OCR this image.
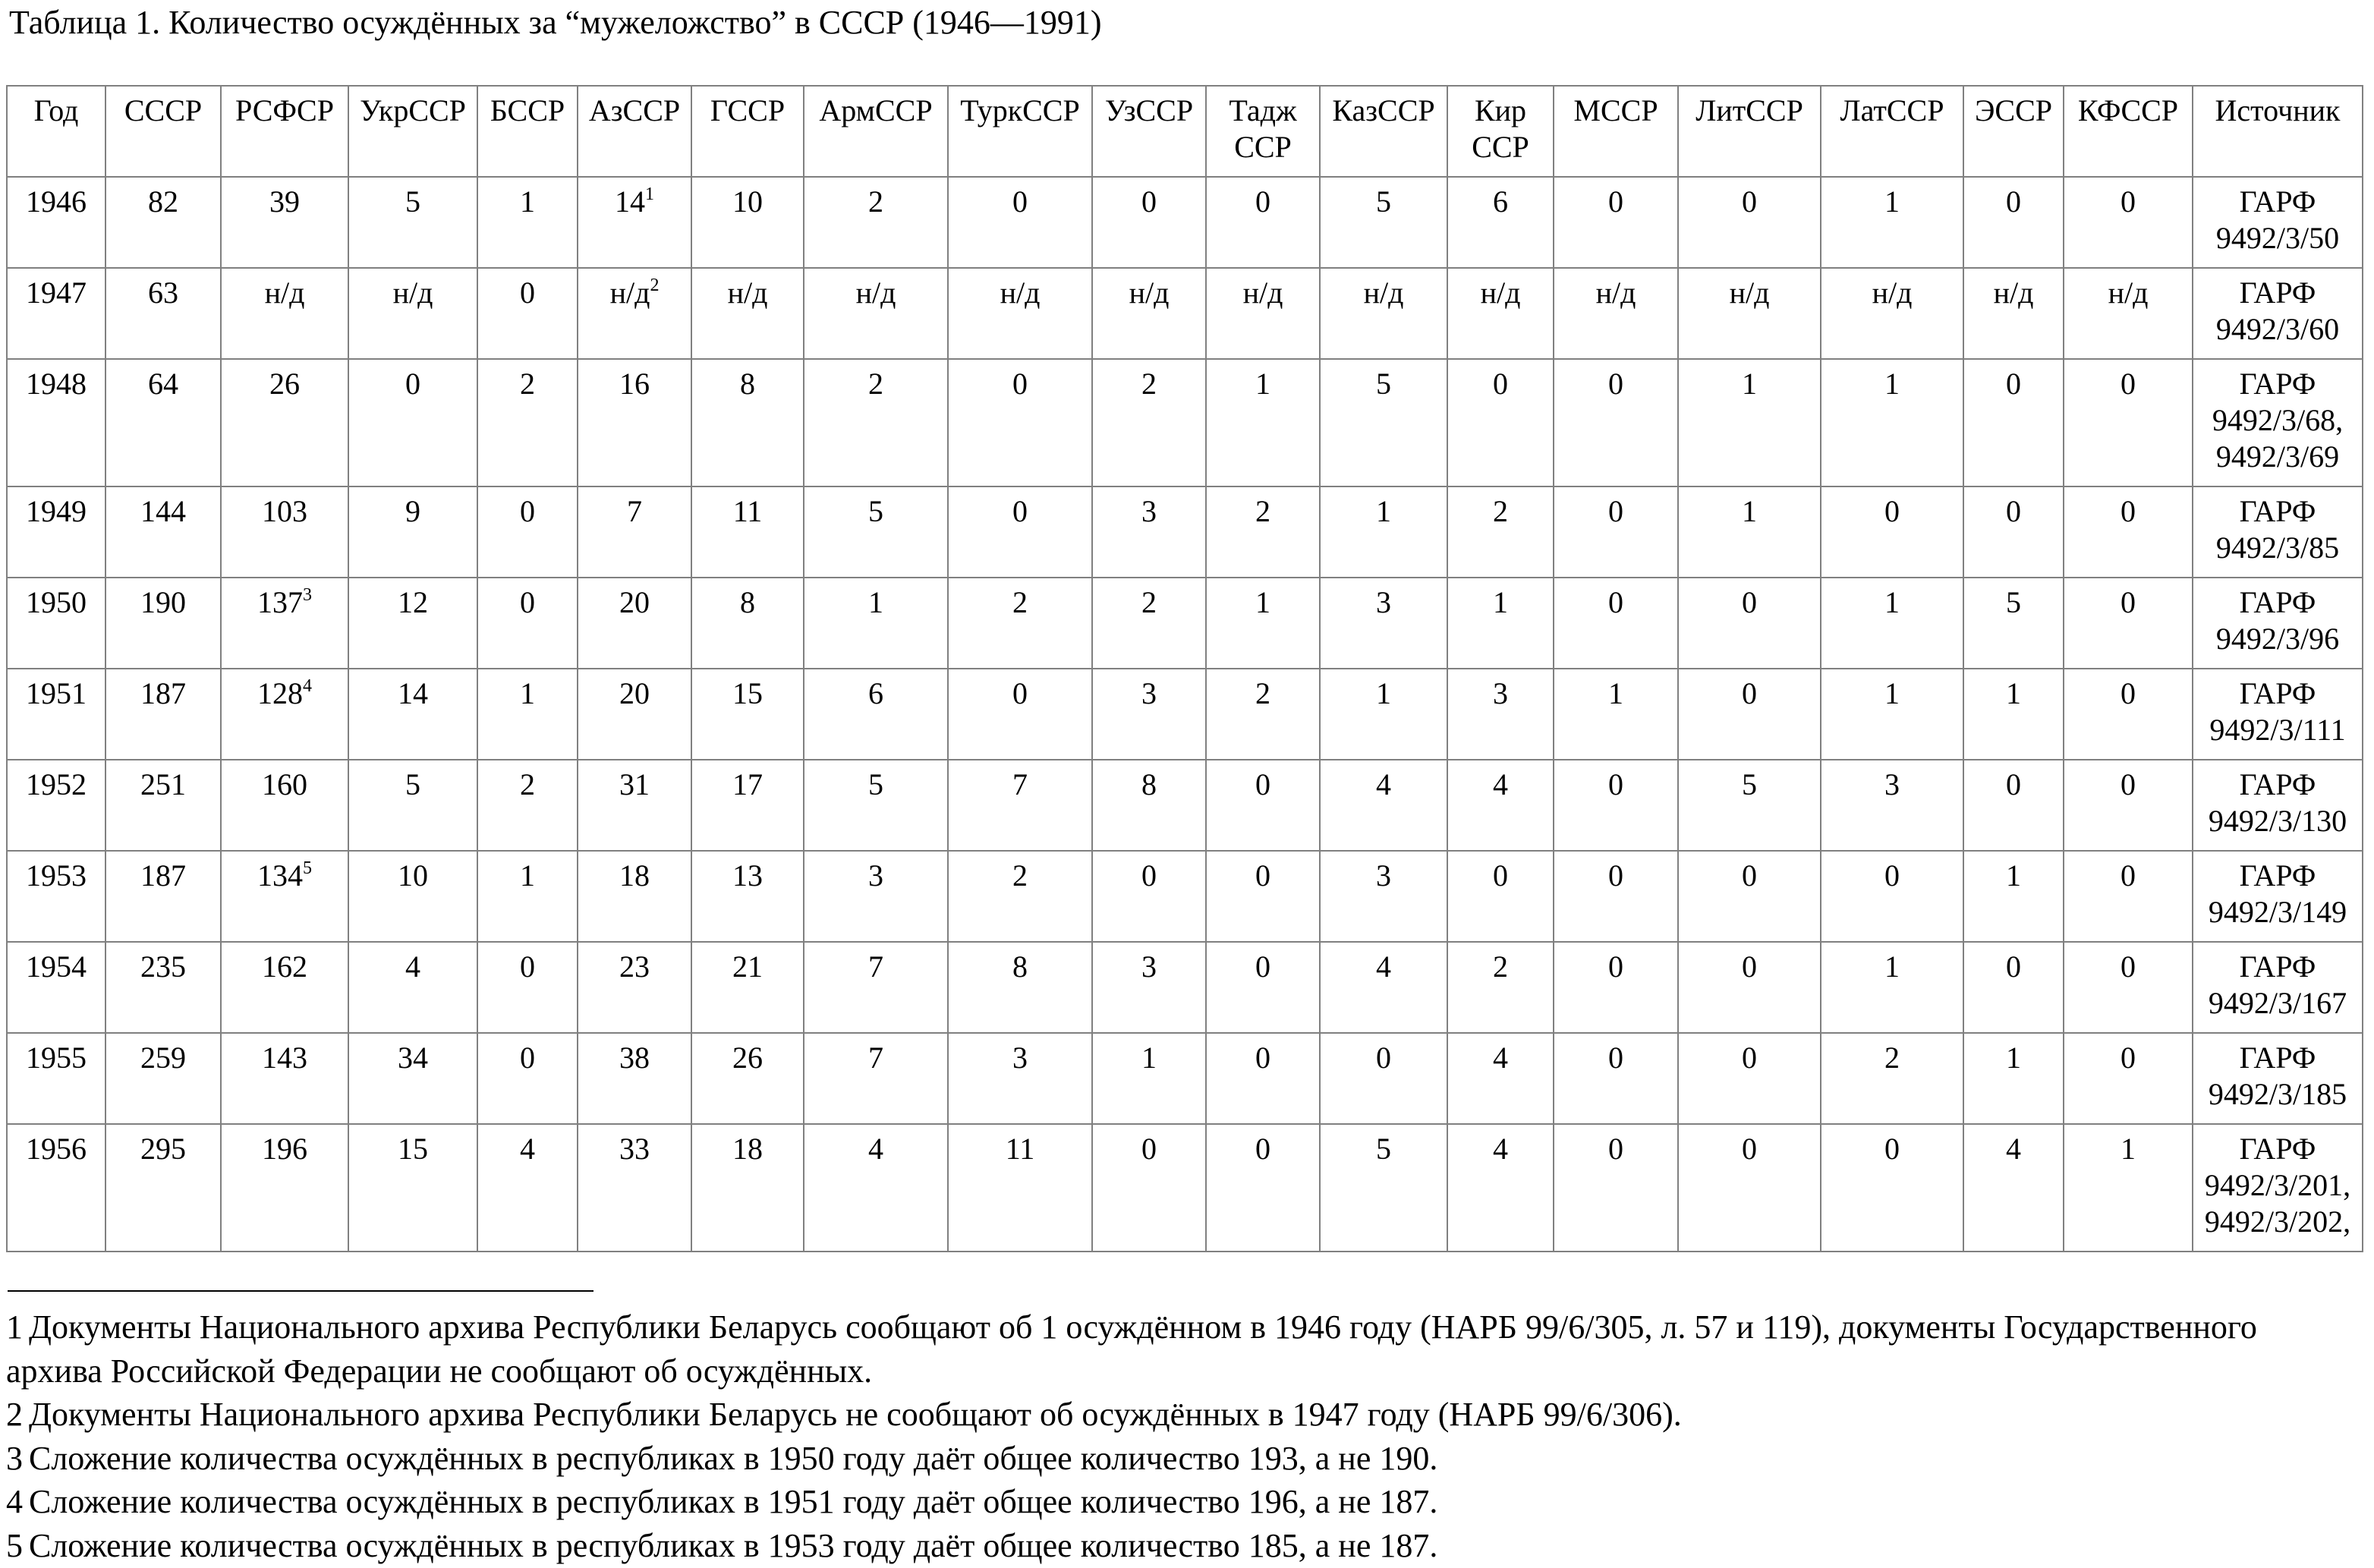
Таблица 1. Количество осуждённых за “мужеложство” в СССР (1946—1991)
Год	СССР	РСФСР	УкрССР	БССР	АзССР	ГССР	АрмССР	ТуркССР	УзССР	Тадж ССР	КазССР	Кир ССР	МССР	ЛитССР	ЛатССР	ЭССР	КФССР	Источник
1946	82	39	5	1	14$^1$	10	2	0	0	0	5	6	0	0	1	0	0	ГАРФ 9492/3/50
1947	63	н/д	н/д	0	н/д$^2$	н/д	н/д	н/д	н/д	н/д	н/д	н/д	н/д	н/д	н/д	н/д	н/д	ГАРФ 9492/3/60
1948	64	26	0	2	16	8	2	0	2	1	5	0	0	1	1	0	0	ГАРФ 9492/3/68, 9492/3/69
1949	144	103	9	0	7	11	5	0	3	2	1	2	0	1	0	0	0	ГАРФ 9492/3/85
1950	190	137$^3$	12	0	20	8	1	2	2	1	3	1	0	0	1	5	0	ГАРФ 9492/3/96
1951	187	128$^4$	14	1	20	15	6	0	3	2	1	3	1	0	1	1	0	ГАРФ 9492/3/111
1952	251	160	5	2	31	17	5	7	8	0	4	4	0	5	3	0	0	ГАРФ 9492/3/130
1953	187	134$^5$	10	1	18	13	3	2	0	0	3	0	0	0	0	1	0	ГАРФ 9492/3/149
1954	235	162	4	0	23	21	7	8	3	0	4	2	0	0	1	0	0	ГАРФ 9492/3/167
1955	259	143	34	0	38	26	7	3	1	0	0	4	0	0	2	1	0	ГАРФ 9492/3/185
1956	295	196	15	4	33	18	4	11	0	0	5	4	0	0	0	4	1	ГАРФ 9492/3/201, 9492/3/202,

1 Документы Национального архива Республики Беларусь сообщают об 1 осуждённом в 1946 году (НАРБ 99/6/305, л. 57 и 119), документы Государственного архива Российской Федерации не сообщают об осуждённых.

2 Документы Национального архива Республики Беларусь не сообщают об осуждённых в 1947 году (НАРБ 99/6/306).

3 Сложение количества осуждённых в республиках в 1950 году даёт общее количество 193, а не 190.

4 Сложение количества осуждённых в республиках в 1951 году даёт общее количество 196, а не 187.

5 Сложение количества осуждённых в республиках в 1953 году даёт общее количество 185, а не 187.
